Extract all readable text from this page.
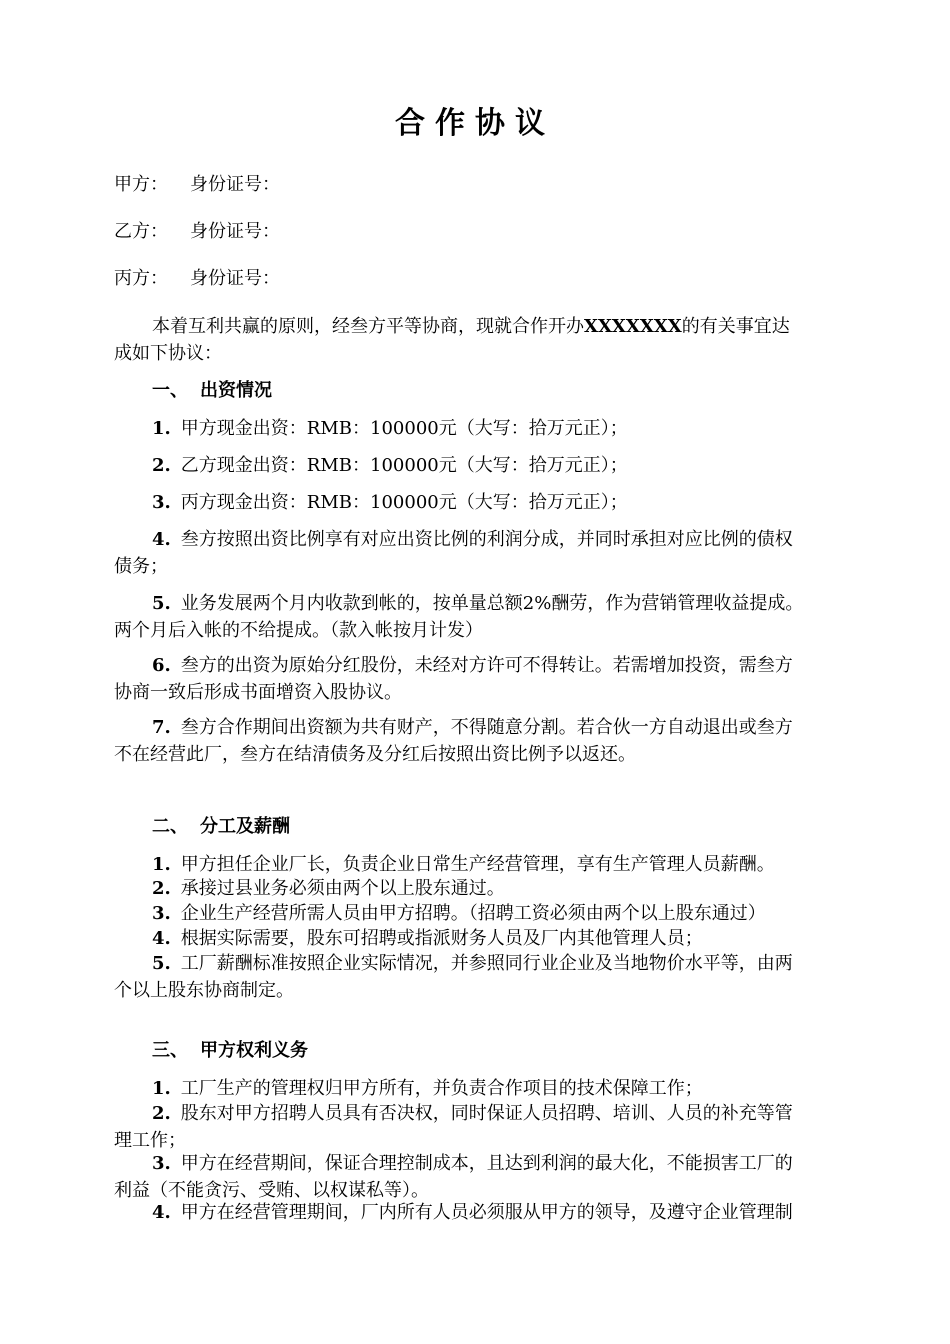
合作协议
甲方： 身份证号：
乙方： 身份证号：
丙方： 身份证号：
本着互利共赢的原则，经叁方平等协商，现就合作开办XXXXXXX的有关事宜达
成如下协议：
一、 出资情况
1. 甲方现金出资：RMB：100000元（大写：拾万元正）；
2. 乙方现金出资：RMB：100000元（大写：拾万元正）；
3. 丙方现金出资：RMB：100000元（大写：拾万元正）；
4. 叁方按照出资比例享有对应出资比例的利润分成，并同时承担对应比例的债权
债务；
5. 业务发展两个月内收款到帐的，按单量总额2%酬劳，作为营销管理收益提成。
两个月后入帐的不给提成。（款入帐按月计发）
6. 叁方的出资为原始分红股份，未经对方许可不得转让。若需增加投资，需叁方
协商一致后形成书面增资入股协议。
7. 叁方合作期间出资额为共有财产，不得随意分割。若合伙一方自动退出或叁方
不在经营此厂，叁方在结清债务及分红后按照出资比例予以返还。
二、 分工及薪酬
1. 甲方担任企业厂长，负责企业日常生产经营管理，享有生产管理人员薪酬。
2. 承接过县业务必须由两个以上股东通过。
3. 企业生产经营所需人员由甲方招聘。（招聘工资必须由两个以上股东通过）
4. 根据实际需要，股东可招聘或指派财务人员及厂内其他管理人员；
5. 工厂薪酬标准按照企业实际情况，并参照同行业企业及当地物价水平等，由两
个以上股东协商制定。
三、 甲方权利义务
1. 工厂生产的管理权归甲方所有，并负责合作项目的技术保障工作；
2. 股东对甲方招聘人员具有否决权，同时保证人员招聘、培训、人员的补充等管
理工作；
3. 甲方在经营期间，保证合理控制成本，且达到利润的最大化，不能损害工厂的
利益（不能贪污、受贿、以权谋私等）。
4. 甲方在经营管理期间，厂内所有人员必须服从甲方的领导，及遵守企业管理制
